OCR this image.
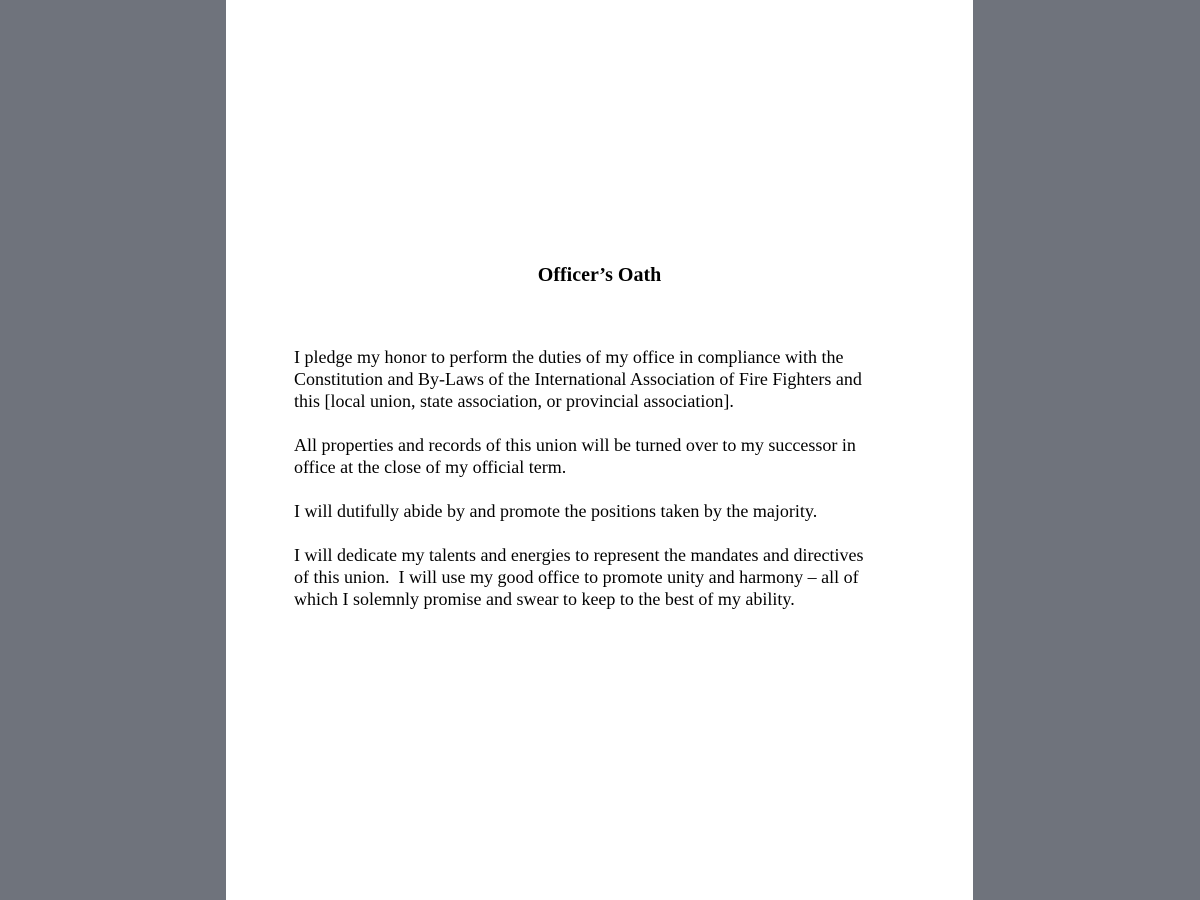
Officer’s Oath

I pledge my honor to perform the duties of my office in compliance with the
Constitution and By-Laws of the International Association of Fire Fighters and
this [local union, state association, or provincial association].

All properties and records of this union will be turned over to my successor in
office at the close of my official term.

I will dutifully abide by and promote the positions taken by the majority.

I will dedicate my talents and energies to represent the mandates and directives
of this union.  I will use my good office to promote unity and harmony – all of
which I solemnly promise and swear to keep to the best of my ability.
